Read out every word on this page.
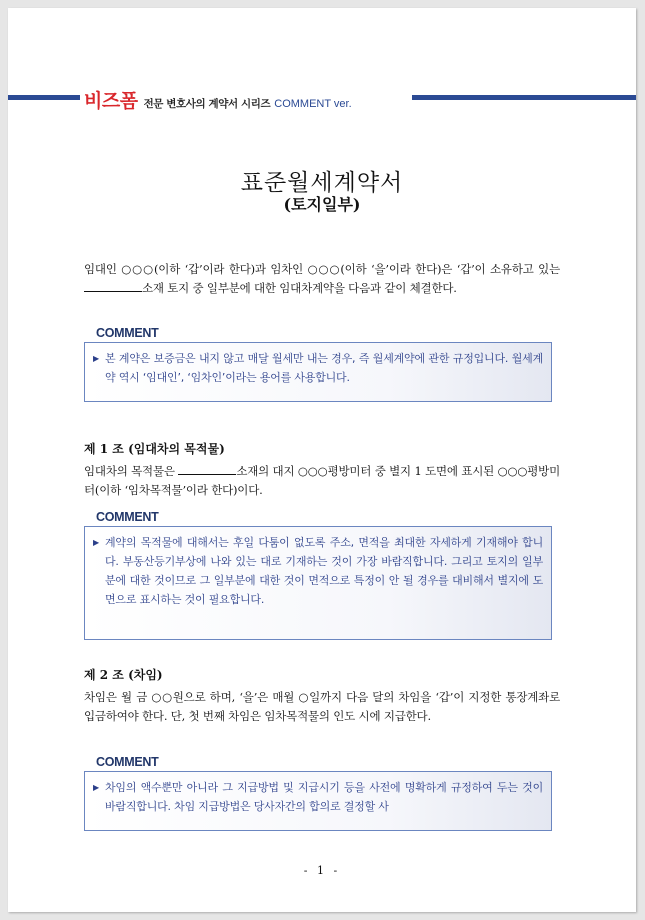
비즈폼 전문 변호사의 계약서 시리즈 COMMENT ver.
표준월세계약서
(토지일부)
임대인 ○○○(이하 ‘갑’이라 한다)과 임차인 ○○○(이하 ‘을’이라 한다)은 ‘갑’이 소유하고 있는 소재 토지 중 일부분에 대한 임대차계약을 다음과 같이 체결한다.
COMMENT
▶ 본 계약은 보증금은 내지 않고 매달 월세만 내는 경우, 즉 월세계약에 관한 규정입니다. 월세계약 역시 ‘임대인’, ‘임차인’이라는 용어를 사용합니다.
제 1 조 (임대차의 목적물)
임대차의 목적물은	소재의 대지 ○○○평방미터 중 별지 1 도면에 표시된 ○○○평방미터(이하 ‘임차목적물’이라 한다)이다.
COMMENT
▶ 계약의 목적물에 대해서는 후일 다툼이 없도록 주소, 면적을 최대한 자세하게 기재해야 합니다. 부동산등기부상에 나와 있는 대로 기재하는 것이 가장 바람직합니다. 그리고 토지의 일부분에 대한 것이므로 그 일부분에 대한 것이 면적으로 특정이 안 될 경우를 대비해서 별지에 도면으로 표시하는 것이 필요합니다.
제 2 조 (차임)
차임은 월 금 ○○원으로 하며, ‘을’은 매월 ○일까지 다음 달의 차임을 ‘갑’이 지정한 통장계좌로 입금하여야 한다. 단, 첫 번째 차임은 임차목적물의 인도 시에 지급한다.
COMMENT
▶ 차임의 액수뿐만 아니라 그 지급방법 및 지급시기 등을 사전에 명확하게 규정하여 두는 것이 바람직합니다. 차임 지급방법은 당사자간의 합의로 결정할 사
- 1 -
